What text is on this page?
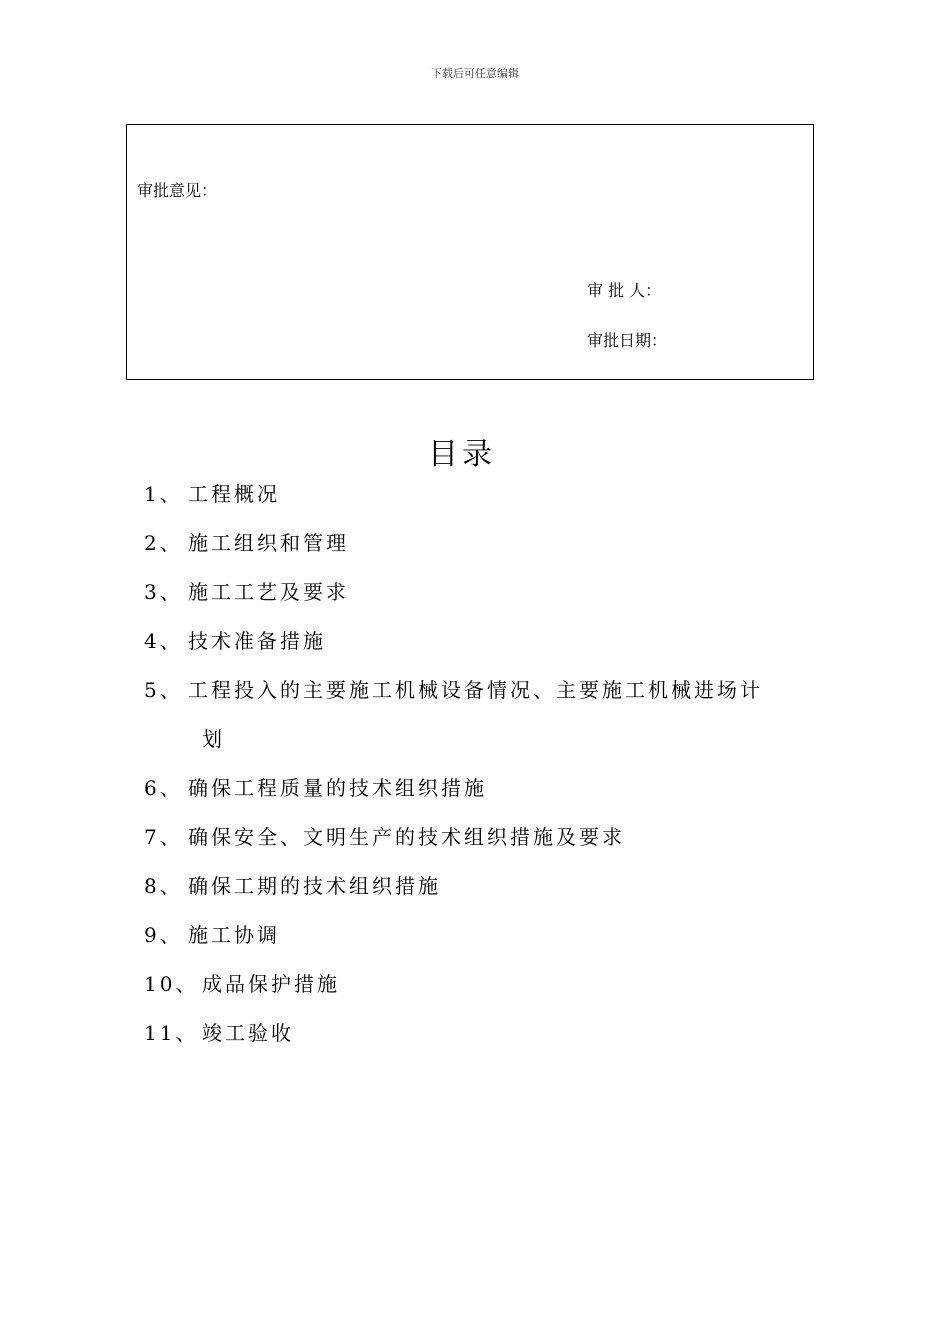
下载后可任意编辑
审批意见：
审 批 人：
审批日期：
目录
1、 工程概况
2、 施工组织和管理
3、 施工工艺及要求
4、 技术准备措施
5、 工程投入的主要施工机械设备情况、主要施工机械进场计
划
6、 确保工程质量的技术组织措施
7、 确保安全、文明生产的技术组织措施及要求
8、 确保工期的技术组织措施
9、 施工协调
10、 成品保护措施
11、 竣工验收
